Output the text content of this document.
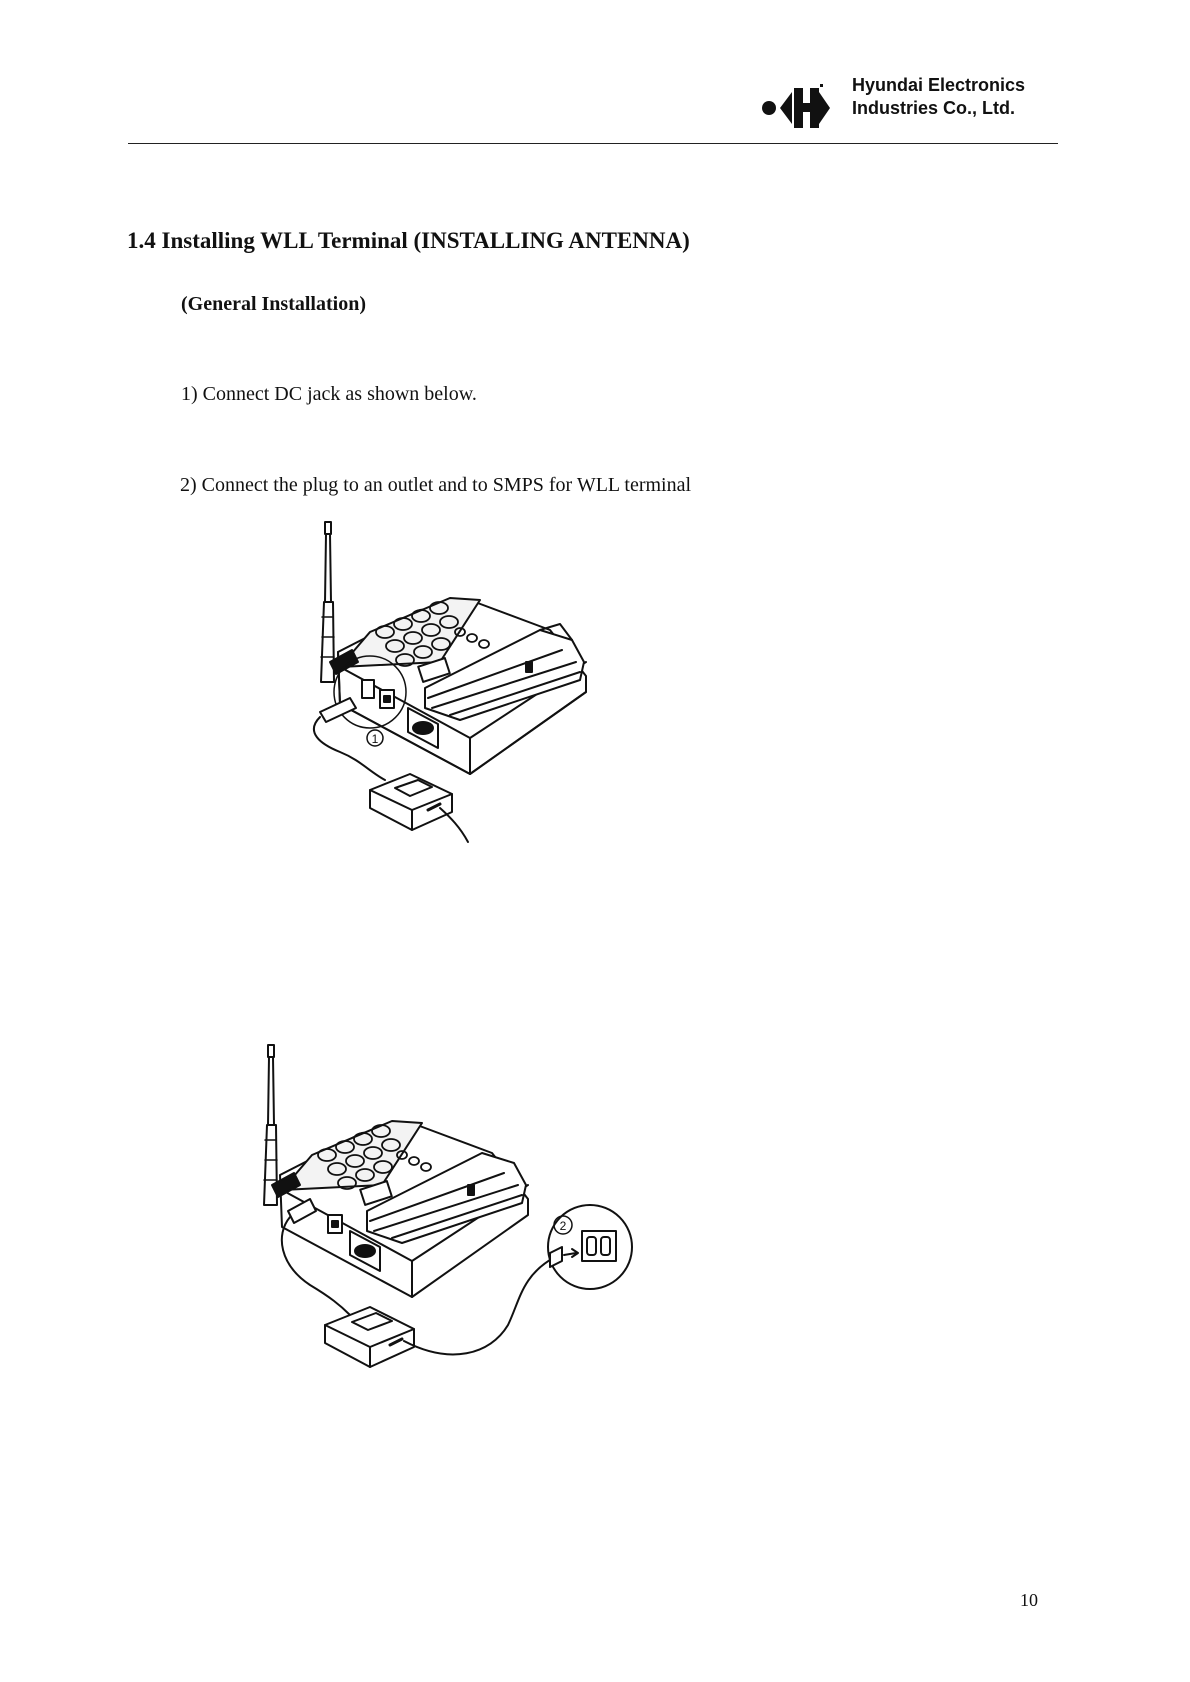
Hyundai Electronics
Industries Co., Ltd.
1.4 Installing WLL Terminal (INSTALLING ANTENNA)
(General Installation)

1) Connect DC jack as shown below.

2) Connect the plug to an outlet and to SMPS for WLL terminal

1
2
10
